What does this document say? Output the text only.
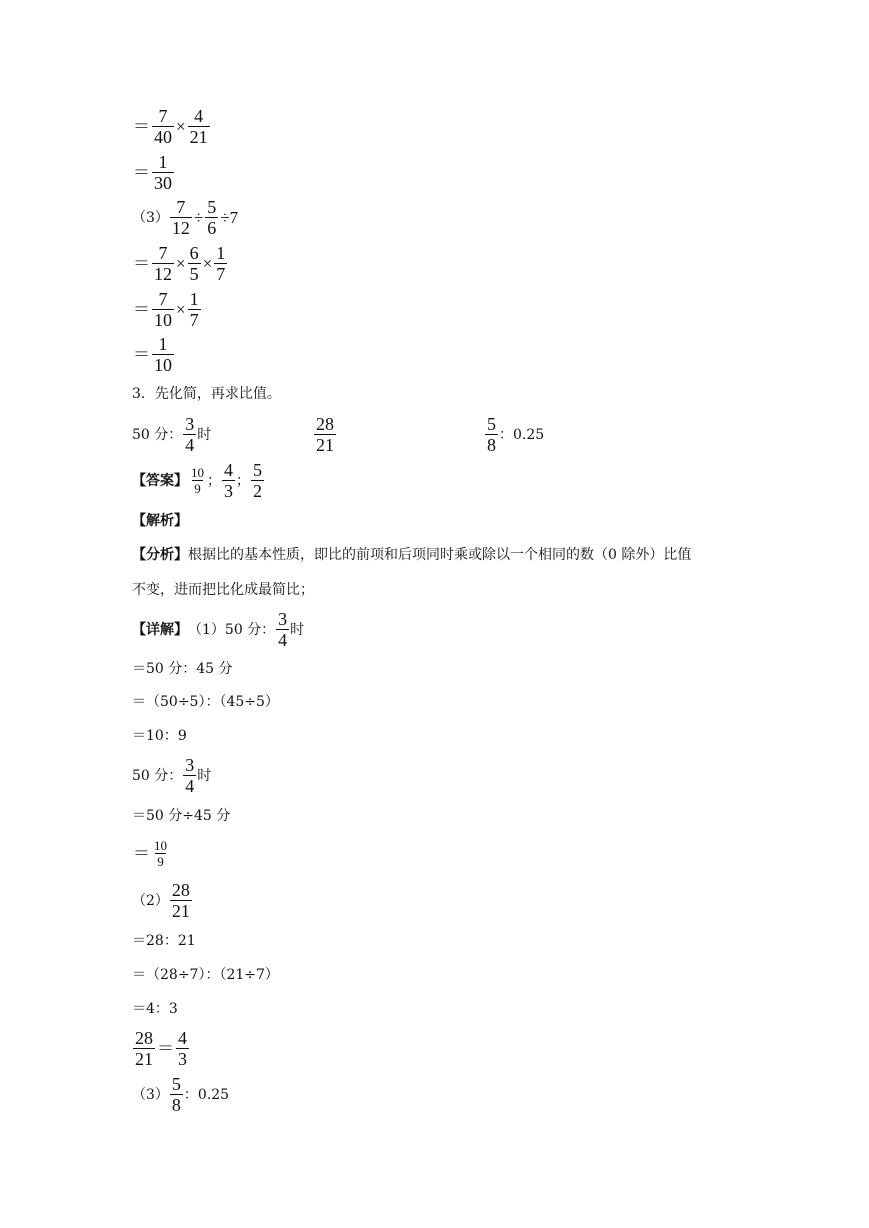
＝ $\frac{7}{40} \times \frac{4}{21}$
＝ $\frac{1}{30}$
$(3) \frac{7}{12} \div \frac{5}{6} \div 7$
＝ $\frac{7}{12} \times \frac{6}{5} \times \frac{1}{7}$
＝ $\frac{7}{10} \times \frac{1}{7}$
＝ $\frac{1}{10}$
3．先化简，再求比值。
50 分： $\frac{3}{4}$ 时	$\frac{28}{21}$	$\frac{5}{8}$ ：0.25
【答案】 $\frac{10}{9}$ ； $\frac{4}{3}$ ； $\frac{5}{2}$
【解析】
【分析】 根据比的基本性质，即比的前项和后项同时乘或除以一个相同的数（0 除外）比值
不变，进而把比化成最简比；
【详解】 （1）50 分： $\frac{3}{4}$ 时
＝50 分：45 分
＝（50÷5）：（45÷5）
＝10：9
50 分： $\frac{3}{4}$ 时
＝50 分÷45 分
＝ $\frac{10}{9}$
$(2) \frac{28}{21}$
＝28：21
＝（28÷7）：（21÷7）
＝4：3
$\frac{28}{21} = \frac{4}{3}$
$(3) \frac{5}{8}$ ：0.25
